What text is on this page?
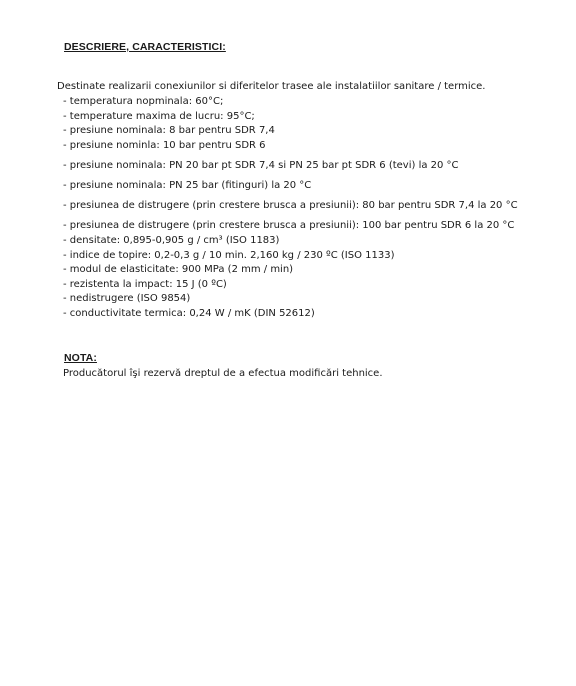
DESCRIERE, CARACTERISTICI:
Destinate realizarii conexiunilor si diferitelor trasee ale instalatiilor sanitare / termice.
- temperatura nopminala: 60°C;
- temperature maxima de lucru: 95°C;
- presiune nominala: 8 bar pentru SDR 7,4
- presiune nominla: 10 bar pentru SDR 6
- presiune nominala: PN 20 bar pt SDR 7,4 si PN 25 bar pt SDR 6 (tevi) la 20 °C
- presiune nominala: PN 25 bar (fitinguri) la 20 °C
- presiunea de distrugere (prin crestere brusca a presiunii): 80 bar pentru SDR 7,4 la 20 °C
- presiunea de distrugere (prin crestere brusca a presiunii): 100 bar pentru SDR 6 la 20 °C
- densitate: 0,895-0,905 g / cm³ (ISO 1183)
- indice de topire: 0,2-0,3 g / 10 min. 2,160 kg / 230 ºC (ISO 1133)
- modul de elasticitate: 900 MPa (2 mm / min)
- rezistenta la impact: 15 J (0 ºC)
- nedistrugere (ISO 9854)
- conductivitate termica: 0,24 W / mK (DIN 52612)
NOTA:
Producătorul îşi rezervă dreptul de a efectua modificări tehnice.
